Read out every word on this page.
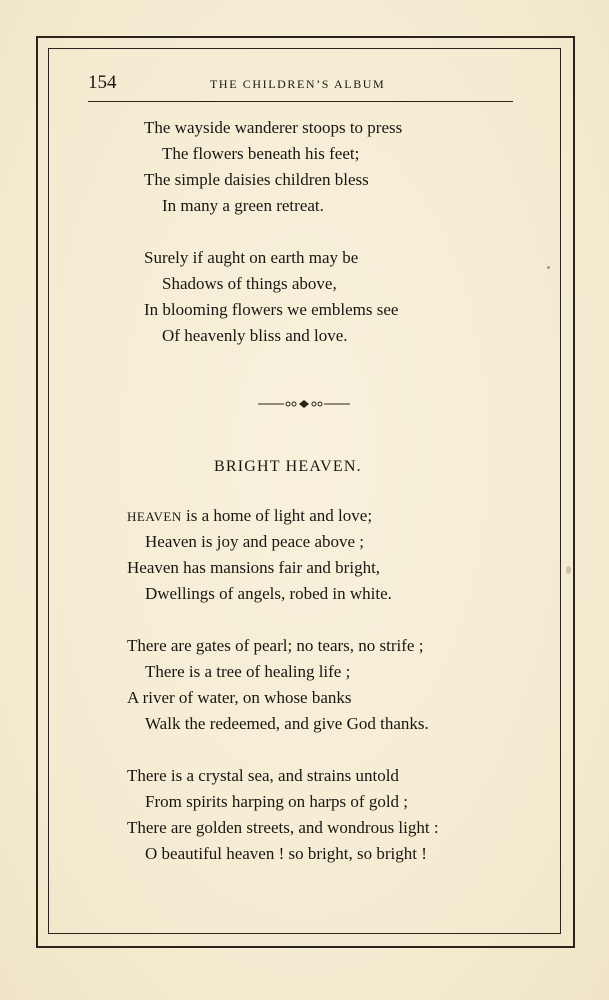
154	THE CHILDREN’S ALBUM
The wayside wanderer stoops to press
The flowers beneath his feet;
The simple daisies children bless
In many a green retreat.
Surely if aught on earth may be
Shadows of things above,
In blooming flowers we emblems see
Of heavenly bliss and love.
BRIGHT HEAVEN.
HEAVEN is a home of light and love;
Heaven is joy and peace above ;
Heaven has mansions fair and bright,
Dwellings of angels, robed in white.
There are gates of pearl; no tears, no strife ;
There is a tree of healing life ;
A river of water, on whose banks
Walk the redeemed, and give God thanks.
There is a crystal sea, and strains untold
From spirits harping on harps of gold ;
There are golden streets, and wondrous light :
O beautiful heaven ! so bright, so bright !
